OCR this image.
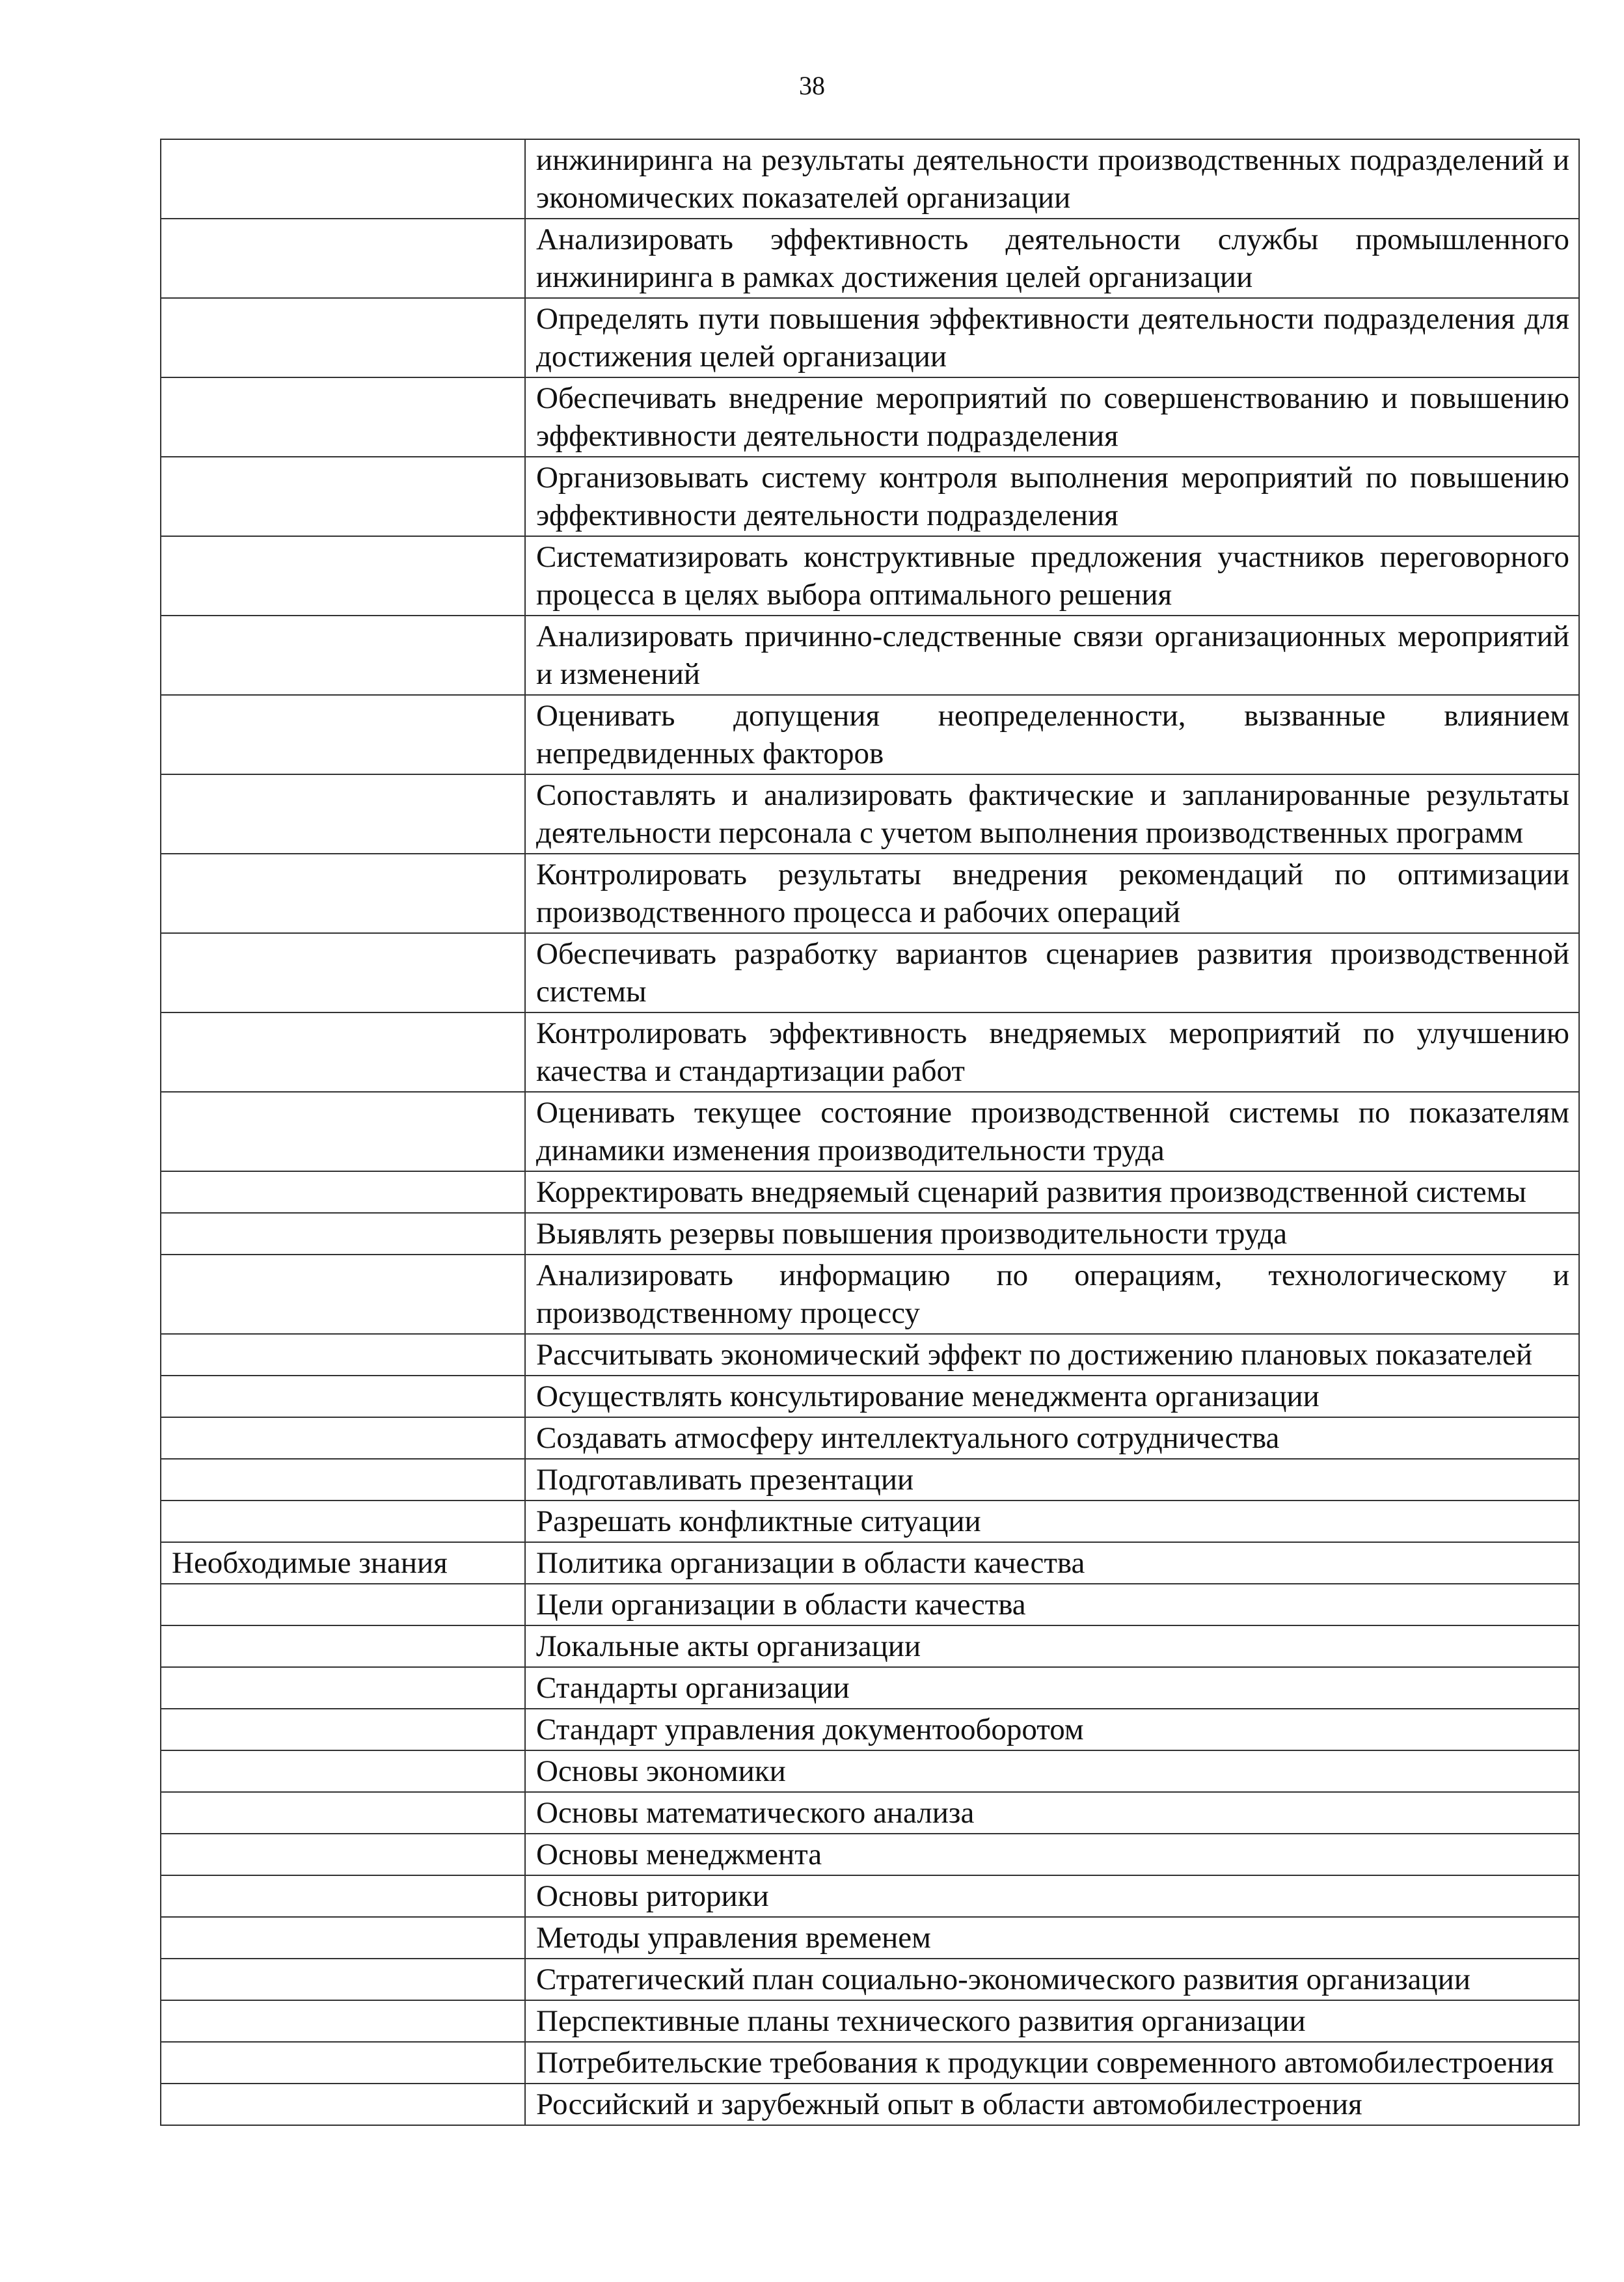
38
	инжиниринга на результаты деятельности производственных подразделений и экономических показателей организации
	Анализировать эффективность деятельности службы промышленного инжиниринга в рамках достижения целей организации
	Определять пути повышения эффективности деятельности подразделения для достижения целей организации
	Обеспечивать внедрение мероприятий по совершенствованию и повышению эффективности деятельности подразделения
	Организовывать систему контроля выполнения мероприятий по повышению эффективности деятельности подразделения
	Систематизировать конструктивные предложения участников переговорного процесса в целях выбора оптимального решения
	Анализировать причинно-следственные связи организационных мероприятий и изменений
	Оценивать допущения неопределенности, вызванные влиянием непредвиденных факторов
	Сопоставлять и анализировать фактические и запланированные результаты деятельности персонала с учетом выполнения производственных программ
	Контролировать результаты внедрения рекомендаций по оптимизации производственного процесса и рабочих операций
	Обеспечивать разработку вариантов сценариев развития производственной системы
	Контролировать эффективность внедряемых мероприятий по улучшению качества и стандартизации работ
	Оценивать текущее состояние производственной системы по показателям динамики изменения производительности труда
	Корректировать внедряемый сценарий развития производственной системы
	Выявлять резервы повышения производительности труда
	Анализировать информацию по операциям, технологическому и производственному процессу
	Рассчитывать экономический эффект по достижению плановых показателей
	Осуществлять консультирование менеджмента организации
	Создавать атмосферу интеллектуального сотрудничества
	Подготавливать презентации
	Разрешать конфликтные ситуации
Необходимые знания	Политика организации в области качества
	Цели организации в области качества
	Локальные акты организации
	Стандарты организации
	Стандарт управления документооборотом
	Основы экономики
	Основы математического анализа
	Основы менеджмента
	Основы риторики
	Методы управления временем
	Стратегический план социально-экономического развития организации
	Перспективные планы технического развития организации
	Потребительские требования к продукции современного автомобилестроения
	Российский и зарубежный опыт в области автомобилестроения
